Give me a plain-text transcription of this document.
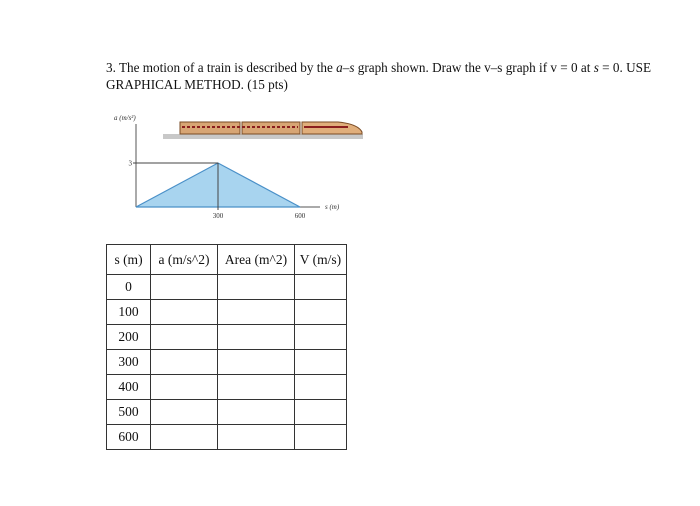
3. The motion of a train is described by the a–s graph shown. Draw the v–s graph if v = 0 at s = 0. USE GRAPHICAL METHOD. (15 pts)
a (m/s²)
3
300	600
s (m)
s (m)	a (m/s^2)	Area (m^2)	V (m/s)
0			
100			
200			
300			
400			
500			
600			
